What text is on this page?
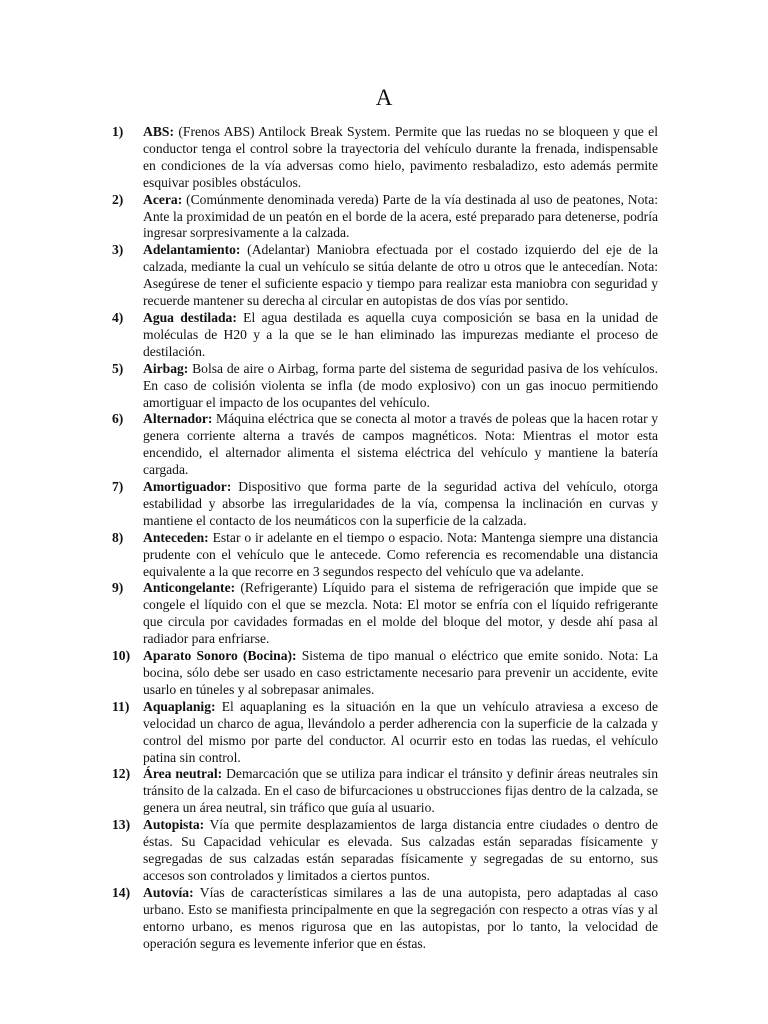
A
1) ABS: (Frenos ABS) Antilock Break System. Permite que las ruedas no se bloqueen y que el conductor tenga el control sobre la trayectoria del vehículo durante la frenada, indispensable en condiciones de la vía adversas como hielo, pavimento resbaladizo, esto además permite esquivar posibles obstáculos.
2) Acera: (Comúnmente denominada vereda) Parte de la vía destinada al uso de peatones, Nota: Ante la proximidad de un peatón en el borde de la acera, esté preparado para detenerse, podría ingresar sorpresivamente a la calzada.
3) Adelantamiento: (Adelantar) Maniobra efectuada por el costado izquierdo del eje de la calzada, mediante la cual un vehículo se sitúa delante de otro u otros que le antecedían. Nota: Asegúrese de tener el suficiente espacio y tiempo para realizar esta maniobra con seguridad y recuerde mantener su derecha al circular en autopistas de dos vías por sentido.
4) Agua destilada: El agua destilada es aquella cuya composición se basa en la unidad de moléculas de H20 y a la que se le han eliminado las impurezas mediante el proceso de destilación.
5) Airbag: Bolsa de aire o Airbag, forma parte del sistema de seguridad pasiva de los vehículos. En caso de colisión violenta se infla (de modo explosivo) con un gas inocuo permitiendo amortiguar el impacto de los ocupantes del vehículo.
6) Alternador: Máquina eléctrica que se conecta al motor a través de poleas que la hacen rotar y genera corriente alterna a través de campos magnéticos. Nota: Mientras el motor esta encendido, el alternador alimenta el sistema eléctrica del vehículo y mantiene la batería cargada.
7) Amortiguador: Dispositivo que forma parte de la seguridad activa del vehículo, otorga estabilidad y absorbe las irregularidades de la vía, compensa la inclinación en curvas y mantiene el contacto de los neumáticos con la superficie de la calzada.
8) Anteceden: Estar o ir adelante en el tiempo o espacio. Nota: Mantenga siempre una distancia prudente con el vehículo que le antecede. Como referencia es recomendable una distancia equivalente a la que recorre en 3 segundos respecto del vehículo que va adelante.
9) Anticongelante: (Refrigerante) Líquido para el sistema de refrigeración que impide que se congele el líquido con el que se mezcla. Nota: El motor se enfría con el líquido refrigerante que circula por cavidades formadas en el molde del bloque del motor, y desde ahí pasa al radiador para enfriarse.
10) Aparato Sonoro (Bocina): Sistema de tipo manual o eléctrico que emite sonido. Nota: La bocina, sólo debe ser usado en caso estrictamente necesario para prevenir un accidente, evite usarlo en túneles y al sobrepasar animales.
11) Aquaplanig: El aquaplaning es la situación en la que un vehículo atraviesa a exceso de velocidad un charco de agua, llevándolo a perder adherencia con la superficie de la calzada y control del mismo por parte del conductor. Al ocurrir esto en todas las ruedas, el vehículo patina sin control.
12) Área neutral: Demarcación que se utiliza para indicar el tránsito y definir áreas neutrales sin tránsito de la calzada. En el caso de bifurcaciones u obstrucciones fijas dentro de la calzada, se genera un área neutral, sin tráfico que guía al usuario.
13) Autopista: Vía que permite desplazamientos de larga distancia entre ciudades o dentro de éstas. Su Capacidad vehicular es elevada. Sus calzadas están separadas físicamente y segregadas de sus calzadas están separadas físicamente y segregadas de su entorno, sus accesos son controlados y limitados a ciertos puntos.
14) Autovía: Vías de características similares a las de una autopista, pero adaptadas al caso urbano. Esto se manifiesta principalmente en que la segregación con respecto a otras vías y al entorno urbano, es menos rigurosa que en las autopistas, por lo tanto, la velocidad de operación segura es levemente inferior que en éstas.
